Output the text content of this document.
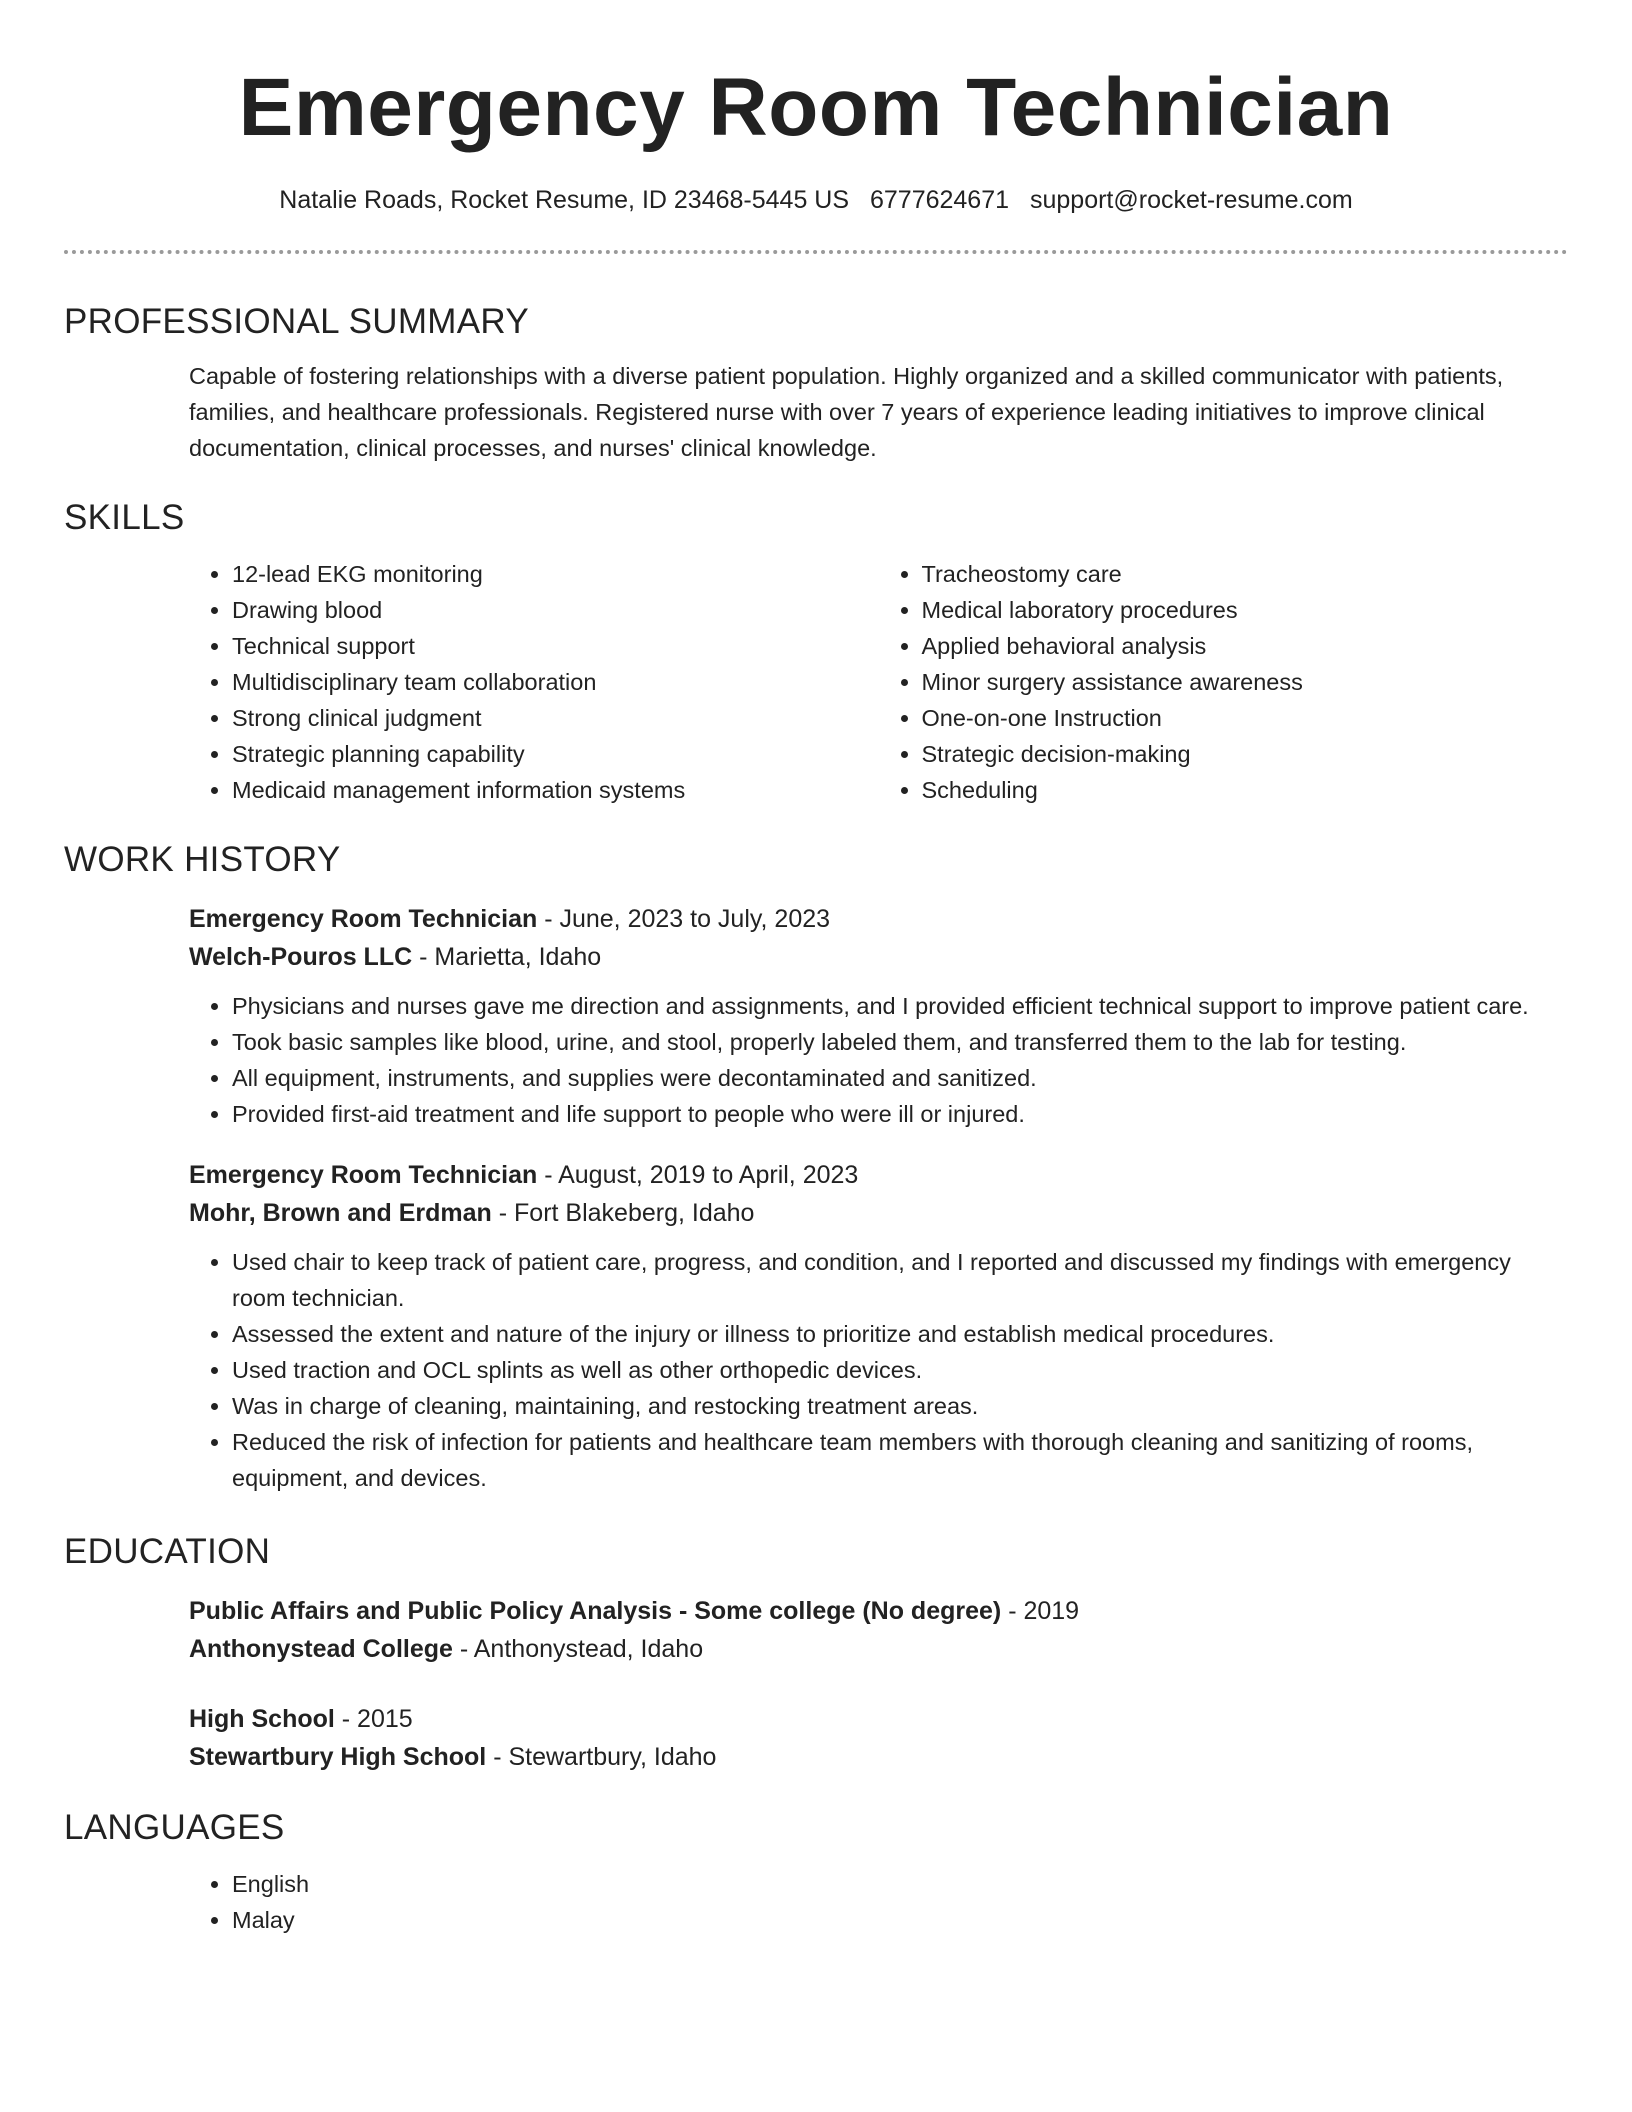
Emergency Room Technician
Natalie Roads, Rocket Resume, ID 23468-5445 US 6777624671 support@rocket-resume.com
PROFESSIONAL SUMMARY

Capable of fostering relationships with a diverse patient population. Highly organized and a skilled communicator with patients, families, and healthcare professionals. Registered nurse with over 7 years of experience leading initiatives to improve clinical documentation, clinical processes, and nurses' clinical knowledge.

SKILLS
• 12-lead EKG monitoring
• Drawing blood
• Technical support
• Multidisciplinary team collaboration
• Strong clinical judgment
• Strategic planning capability
• Medicaid management information systems
• Tracheostomy care
• Medical laboratory procedures
• Applied behavioral analysis
• Minor surgery assistance awareness
• One-on-one Instruction
• Strategic decision-making
• Scheduling
WORK HISTORY
Emergency Room Technician - June, 2023 to July, 2023
Welch-Pouros LLC - Marietta, Idaho
• Physicians and nurses gave me direction and assignments, and I provided efficient technical support to improve patient care.
• Took basic samples like blood, urine, and stool, properly labeled them, and transferred them to the lab for testing.
• All equipment, instruments, and supplies were decontaminated and sanitized.
• Provided first-aid treatment and life support to people who were ill or injured.
Emergency Room Technician - August, 2019 to April, 2023
Mohr, Brown and Erdman - Fort Blakeberg, Idaho
• Used chair to keep track of patient care, progress, and condition, and I reported and discussed my findings with emergency room technician.
• Assessed the extent and nature of the injury or illness to prioritize and establish medical procedures.
• Used traction and OCL splints as well as other orthopedic devices.
• Was in charge of cleaning, maintaining, and restocking treatment areas.
• Reduced the risk of infection for patients and healthcare team members with thorough cleaning and sanitizing of rooms, equipment, and devices.
EDUCATION
Public Affairs and Public Policy Analysis - Some college (No degree) - 2019
Anthonystead College - Anthonystead, Idaho
High School - 2015
Stewartbury High School - Stewartbury, Idaho
LANGUAGES
• English
• Malay
